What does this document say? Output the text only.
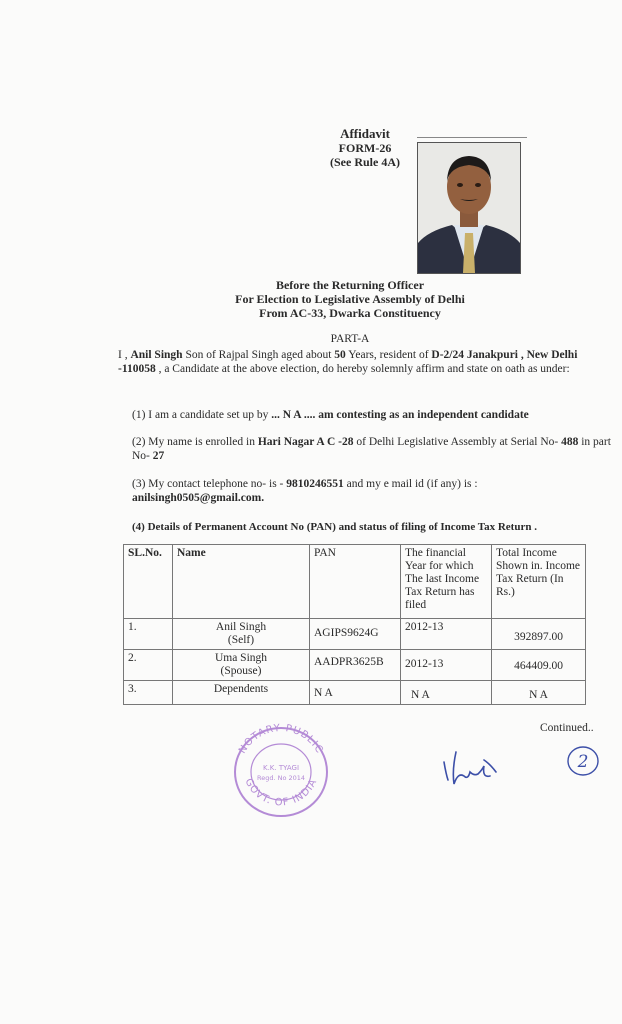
Affidavit
FORM-26
(See Rule 4A)
Before the Returning Officer
For Election to Legislative Assembly of Delhi
From AC-33, Dwarka Constituency
PART-A
I , Anil Singh Son of Rajpal Singh aged about 50 Years, resident of D-2/24 Janakpuri , New Delhi -110058 , a Candidate at the above election, do hereby solemnly affirm and state on oath as under:
(1) I am a candidate set up by ... N A .... am contesting as an independent candidate
(2) My name is enrolled in Hari Nagar A C -28 of Delhi Legislative Assembly at Serial No- 488 in part No- 27
(3) My contact telephone no- is - 9810246551 and my e mail id (if any) is : anilsingh0505@gmail.com.
(4) Details of Permanent Account No (PAN) and status of filing of Income Tax Return .
SL.No.	Name	PAN	The financial Year for which The last Income Tax Return has filed	Total Income Shown in. Income Tax Return (In Rs.)
1.	Anil Singh
(Self)	AGIPS9624G	2012-13	392897.00
2.	Uma Singh
(Spouse)	AADPR3625B	2012-13	464409.00
3.	Dependents	N A	N A	N A
Continued..
NOTARY PUBLIC
GOVT. OF INDIA
K.K. TYAGI
Regd. No 2014
2
